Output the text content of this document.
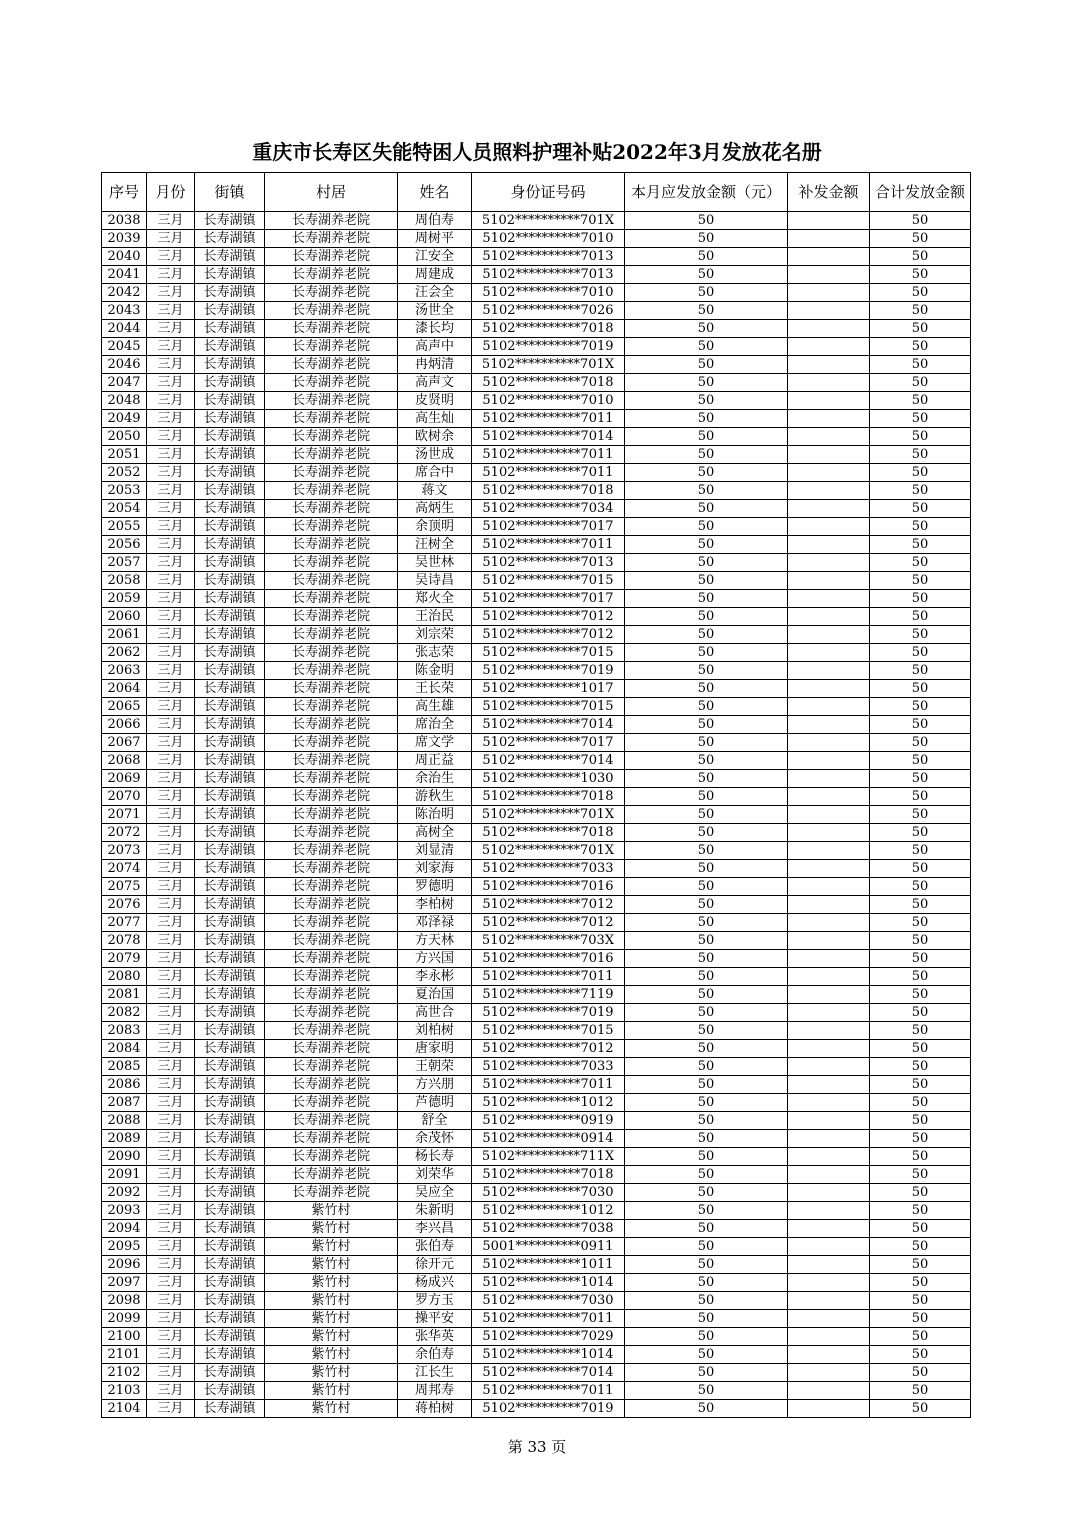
重庆市长寿区失能特困人员照料护理补贴2022年3月发放花名册
序号	月份	街镇	村居	姓名	身份证号码	本月应发放金额（元）	补发金额	合计发放金额
2038	三月	长寿湖镇	长寿湖养老院	周伯寿	5102**********701X	50		50
2039	三月	长寿湖镇	长寿湖养老院	周树平	5102**********7010	50		50
2040	三月	长寿湖镇	长寿湖养老院	江安全	5102**********7013	50		50
2041	三月	长寿湖镇	长寿湖养老院	周建成	5102**********7013	50		50
2042	三月	长寿湖镇	长寿湖养老院	汪会全	5102**********7010	50		50
2043	三月	长寿湖镇	长寿湖养老院	汤世全	5102**********7026	50		50
2044	三月	长寿湖镇	长寿湖养老院	漆长均	5102**********7018	50		50
2045	三月	长寿湖镇	长寿湖养老院	高声中	5102**********7019	50		50
2046	三月	长寿湖镇	长寿湖养老院	冉炳清	5102**********701X	50		50
2047	三月	长寿湖镇	长寿湖养老院	高声文	5102**********7018	50		50
2048	三月	长寿湖镇	长寿湖养老院	皮贤明	5102**********7010	50		50
2049	三月	长寿湖镇	长寿湖养老院	高生灿	5102**********7011	50		50
2050	三月	长寿湖镇	长寿湖养老院	欧树余	5102**********7014	50		50
2051	三月	长寿湖镇	长寿湖养老院	汤世成	5102**********7011	50		50
2052	三月	长寿湖镇	长寿湖养老院	席合中	5102**********7011	50		50
2053	三月	长寿湖镇	长寿湖养老院	蒋文	5102**********7018	50		50
2054	三月	长寿湖镇	长寿湖养老院	高炳生	5102**********7034	50		50
2055	三月	长寿湖镇	长寿湖养老院	余顶明	5102**********7017	50		50
2056	三月	长寿湖镇	长寿湖养老院	汪树全	5102**********7011	50		50
2057	三月	长寿湖镇	长寿湖养老院	吴世林	5102**********7013	50		50
2058	三月	长寿湖镇	长寿湖养老院	吴诗昌	5102**********7015	50		50
2059	三月	长寿湖镇	长寿湖养老院	郑火全	5102**********7017	50		50
2060	三月	长寿湖镇	长寿湖养老院	王治民	5102**********7012	50		50
2061	三月	长寿湖镇	长寿湖养老院	刘宗荣	5102**********7012	50		50
2062	三月	长寿湖镇	长寿湖养老院	张志荣	5102**********7015	50		50
2063	三月	长寿湖镇	长寿湖养老院	陈金明	5102**********7019	50		50
2064	三月	长寿湖镇	长寿湖养老院	王长荣	5102**********1017	50		50
2065	三月	长寿湖镇	长寿湖养老院	高生雄	5102**********7015	50		50
2066	三月	长寿湖镇	长寿湖养老院	席治全	5102**********7014	50		50
2067	三月	长寿湖镇	长寿湖养老院	席文学	5102**********7017	50		50
2068	三月	长寿湖镇	长寿湖养老院	周正益	5102**********7014	50		50
2069	三月	长寿湖镇	长寿湖养老院	余治生	5102**********1030	50		50
2070	三月	长寿湖镇	长寿湖养老院	游秋生	5102**********7018	50		50
2071	三月	长寿湖镇	长寿湖养老院	陈治明	5102**********701X	50		50
2072	三月	长寿湖镇	长寿湖养老院	高树全	5102**********7018	50		50
2073	三月	长寿湖镇	长寿湖养老院	刘显清	5102**********701X	50		50
2074	三月	长寿湖镇	长寿湖养老院	刘家海	5102**********7033	50		50
2075	三月	长寿湖镇	长寿湖养老院	罗德明	5102**********7016	50		50
2076	三月	长寿湖镇	长寿湖养老院	李柏树	5102**********7012	50		50
2077	三月	长寿湖镇	长寿湖养老院	邓泽禄	5102**********7012	50		50
2078	三月	长寿湖镇	长寿湖养老院	方天林	5102**********703X	50		50
2079	三月	长寿湖镇	长寿湖养老院	方兴国	5102**********7016	50		50
2080	三月	长寿湖镇	长寿湖养老院	李永彬	5102**********7011	50		50
2081	三月	长寿湖镇	长寿湖养老院	夏治国	5102**********7119	50		50
2082	三月	长寿湖镇	长寿湖养老院	高世合	5102**********7019	50		50
2083	三月	长寿湖镇	长寿湖养老院	刘柏树	5102**********7015	50		50
2084	三月	长寿湖镇	长寿湖养老院	唐家明	5102**********7012	50		50
2085	三月	长寿湖镇	长寿湖养老院	王朝荣	5102**********7033	50		50
2086	三月	长寿湖镇	长寿湖养老院	方兴朋	5102**********7011	50		50
2087	三月	长寿湖镇	长寿湖养老院	芦德明	5102**********1012	50		50
2088	三月	长寿湖镇	长寿湖养老院	舒全	5102**********0919	50		50
2089	三月	长寿湖镇	长寿湖养老院	余茂怀	5102**********0914	50		50
2090	三月	长寿湖镇	长寿湖养老院	杨长寿	5102**********711X	50		50
2091	三月	长寿湖镇	长寿湖养老院	刘荣华	5102**********7018	50		50
2092	三月	长寿湖镇	长寿湖养老院	吴应全	5102**********7030	50		50
2093	三月	长寿湖镇	紫竹村	朱新明	5102**********1012	50		50
2094	三月	长寿湖镇	紫竹村	李兴昌	5102**********7038	50		50
2095	三月	长寿湖镇	紫竹村	张伯寿	5001**********0911	50		50
2096	三月	长寿湖镇	紫竹村	徐开元	5102**********1011	50		50
2097	三月	长寿湖镇	紫竹村	杨成兴	5102**********1014	50		50
2098	三月	长寿湖镇	紫竹村	罗方玉	5102**********7030	50		50
2099	三月	长寿湖镇	紫竹村	操平安	5102**********7011	50		50
2100	三月	长寿湖镇	紫竹村	张华英	5102**********7029	50		50
2101	三月	长寿湖镇	紫竹村	余伯寿	5102**********1014	50		50
2102	三月	长寿湖镇	紫竹村	江长生	5102**********7014	50		50
2103	三月	长寿湖镇	紫竹村	周邦寿	5102**********7011	50		50
2104	三月	长寿湖镇	紫竹村	蒋柏树	5102**********7019	50		50
第 33 页
